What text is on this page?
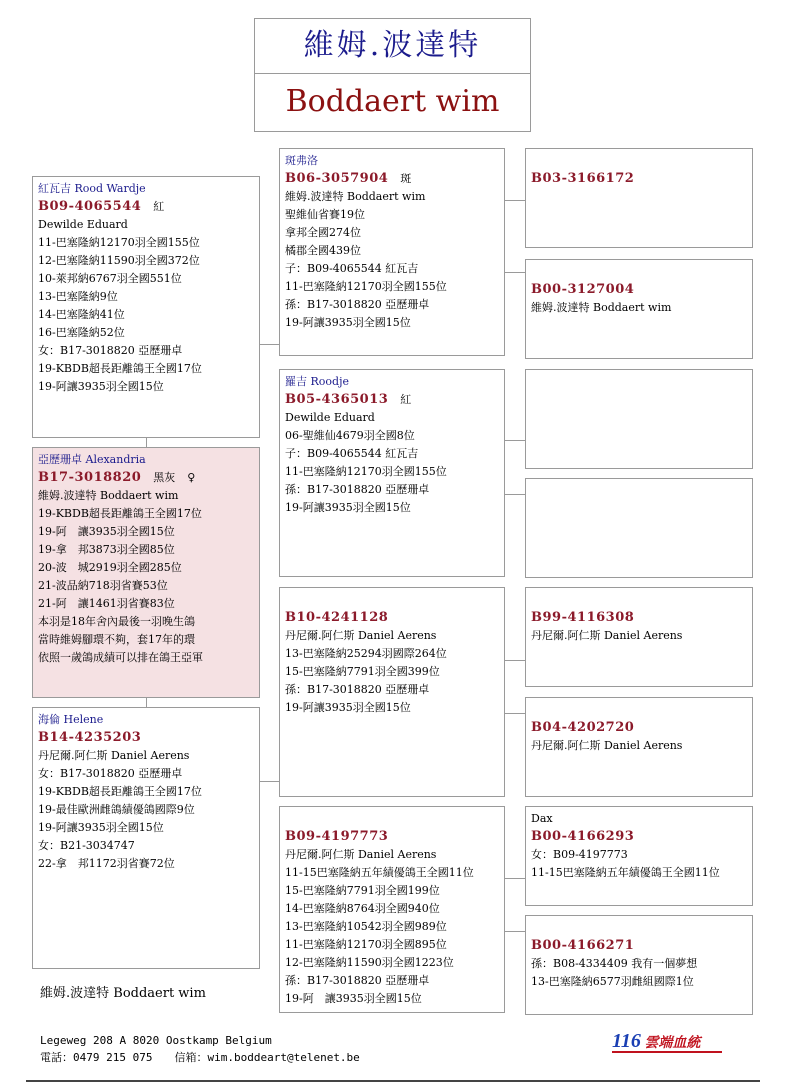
維姆.波達特
Boddaert wim
紅瓦吉 Rood Wardje
B09-4065544 紅
Dewilde Eduard
11-巴塞隆納12170羽全國155位
12-巴塞隆納11590羽全國372位
10-萊邦納6767羽全國551位
13-巴塞隆納9位
14-巴塞隆納41位
16-巴塞隆納52位
女：B17-3018820 亞歷珊卓
19-KBDB超長距離鴿王全國17位
19-阿讓3935羽全國15位
亞歷珊卓 Alexandria
B17-3018820 黑灰 ♀
維姆.波達特 Boddaert wim
19-KBDB超長距離鴿王全國17位
19-阿　讓3935羽全國15位
19-拿　邦3873羽全國85位
20-波　城2919羽全國285位
21-波品納718羽省賽53位
21-阿　讓1461羽省賽83位
本羽是18年舍內最後一羽晚生鴿
當時維姆腳環不夠，套17年的環
依照一歲鴿成績可以排在鴿王亞軍
海倫 Helene
B14-4235203
丹尼爾.阿仁斯 Daniel Aerens
女：B17-3018820 亞歷珊卓
19-KBDB超長距離鴿王全國17位
19-最佳歐洲雌鴿績優鴿國際9位
19-阿讓3935羽全國15位
女：B21-3034747
22-拿　邦1172羽省賽72位
斑弗洛
B06-3057904 斑
維姆.波達特 Boddaert wim
聖維仙省賽19位
拿邦全國274位
橘郡全國439位
子：B09-4065544 紅瓦吉
11-巴塞隆納12170羽全國155位
孫：B17-3018820 亞歷珊卓
19-阿讓3935羽全國15位
羅吉 Roodje
B05-4365013 紅
Dewilde Eduard
06-聖維仙4679羽全國8位
子：B09-4065544 紅瓦吉
11-巴塞隆納12170羽全國155位
孫：B17-3018820 亞歷珊卓
19-阿讓3935羽全國15位
B10-4241128
丹尼爾.阿仁斯 Daniel Aerens
13-巴塞隆納25294羽國際264位
15-巴塞隆納7791羽全國399位
孫：B17-3018820 亞歷珊卓
19-阿讓3935羽全國15位
B09-4197773
丹尼爾.阿仁斯 Daniel Aerens
11-15巴塞隆納五年績優鴿王全國11位
15-巴塞隆納7791羽全國199位
14-巴塞隆納8764羽全國940位
13-巴塞隆納10542羽全國989位
11-巴塞隆納12170羽全國895位
12-巴塞隆納11590羽全國1223位
孫：B17-3018820 亞歷珊卓
19-阿　讓3935羽全國15位
B03-3166172
B00-3127004
維姆.波達特 Boddaert wim
B99-4116308
丹尼爾.阿仁斯 Daniel Aerens
B04-4202720
丹尼爾.阿仁斯 Daniel Aerens
Dax
B00-4166293
女：B09-4197773
11-15巴塞隆納五年績優鴿王全國11位
B00-4166271
孫：B08-4334409 我有一個夢想
13-巴塞隆納6577羽雌組國際1位
維姆.波達特 Boddaert wim
Legeweg 208 A 8020 Oostkamp Belgium
電話：0479 215 075 信箱：wim.boddeart@telenet.be
116 雲端血統
